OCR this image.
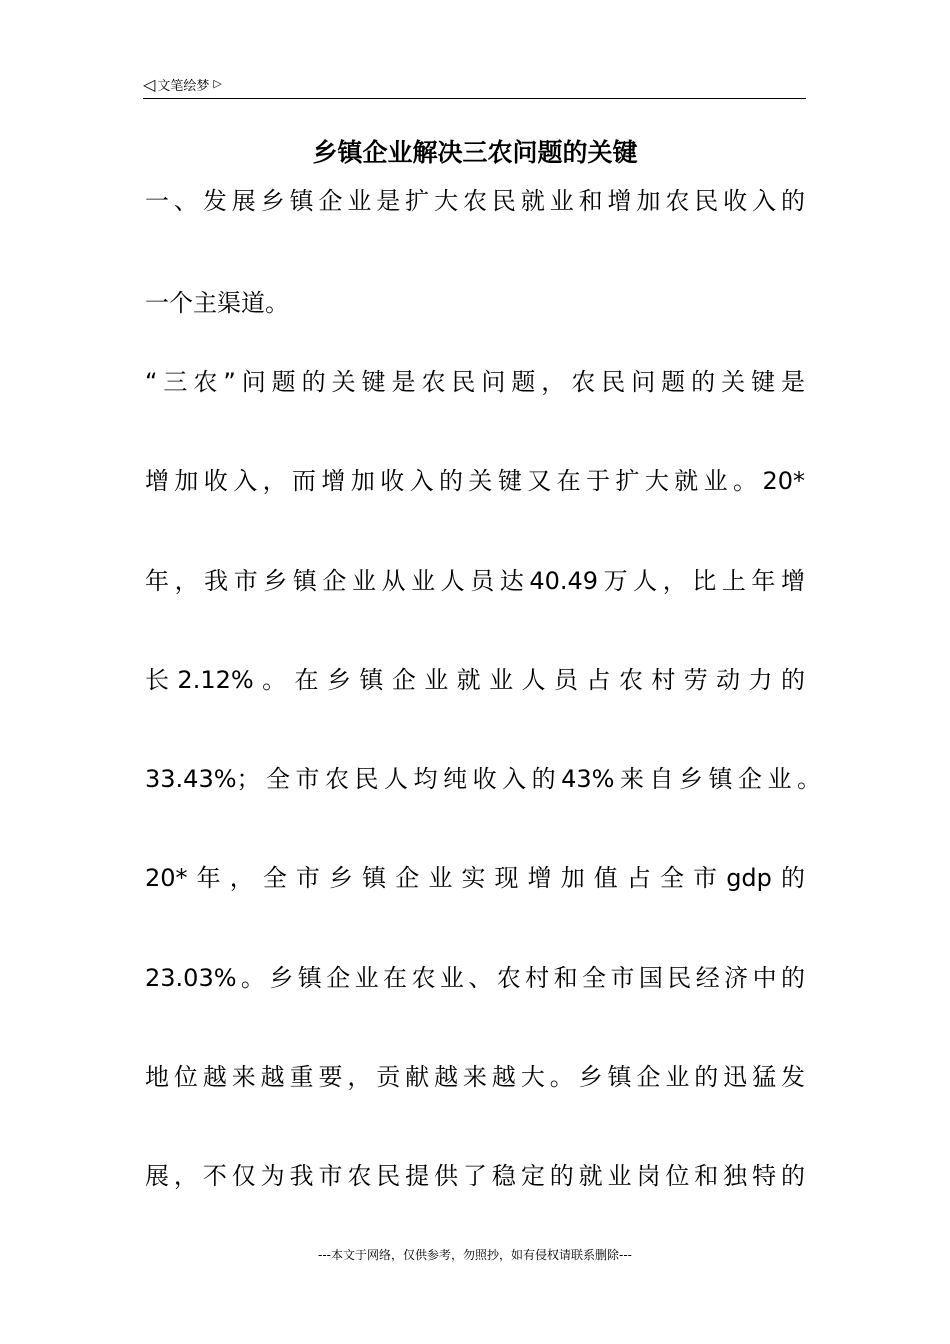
◁ 文笔绘梦 ▷
乡镇企业解决三农问题的关键
一、发展乡镇企业是扩大农民就业和增加农民收入的
一个主渠道。
“三农”问题的关键是农民问题，农民问题的关键是
增加收入，而增加收入的关键又在于扩大就业。20*
年，我市乡镇企业从业人员达40.49万人，比上年增
长2.12%。在乡镇企业就业人员占农村劳动力的
33.43%；全市农民人均纯收入的43%来自乡镇企业。
20*年，全市乡镇企业实现增加值占全市gdp的
23.03%。乡镇企业在农业、农村和全市国民经济中的
地位越来越重要，贡献越来越大。乡镇企业的迅猛发
展，不仅为我市农民提供了稳定的就业岗位和独特的
---本文于网络，仅供参考，勿照抄，如有侵权请联系删除---
